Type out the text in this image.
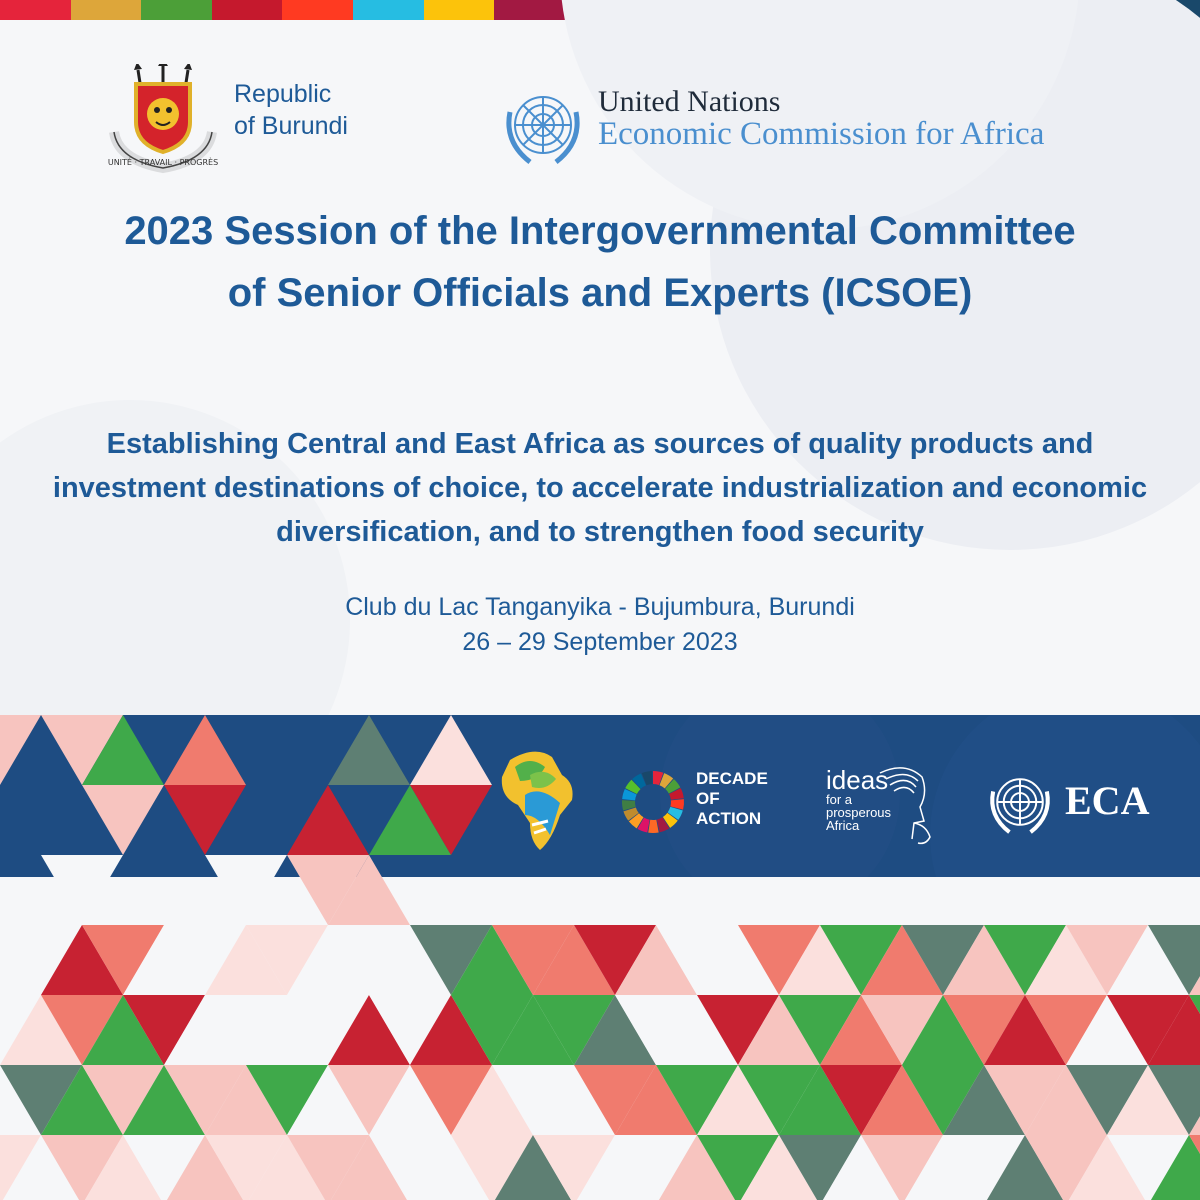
UNITÉ · TRAVAIL · PROGRÈS
Republic
of Burundi
United Nations
Economic Commission for Africa
2023 Session of the Intergovernmental Committee of Senior Officials and Experts (ICSOE)
Establishing Central and East Africa as sources of quality products and investment destinations of choice, to accelerate industrialization and economic diversification, and to strengthen food security
Club du Lac Tanganyika - Bujumbura, Burundi
26 – 29 September 2023
DECADE
OF
ACTION
ideas
for a
prosperous
Africa
ECA
